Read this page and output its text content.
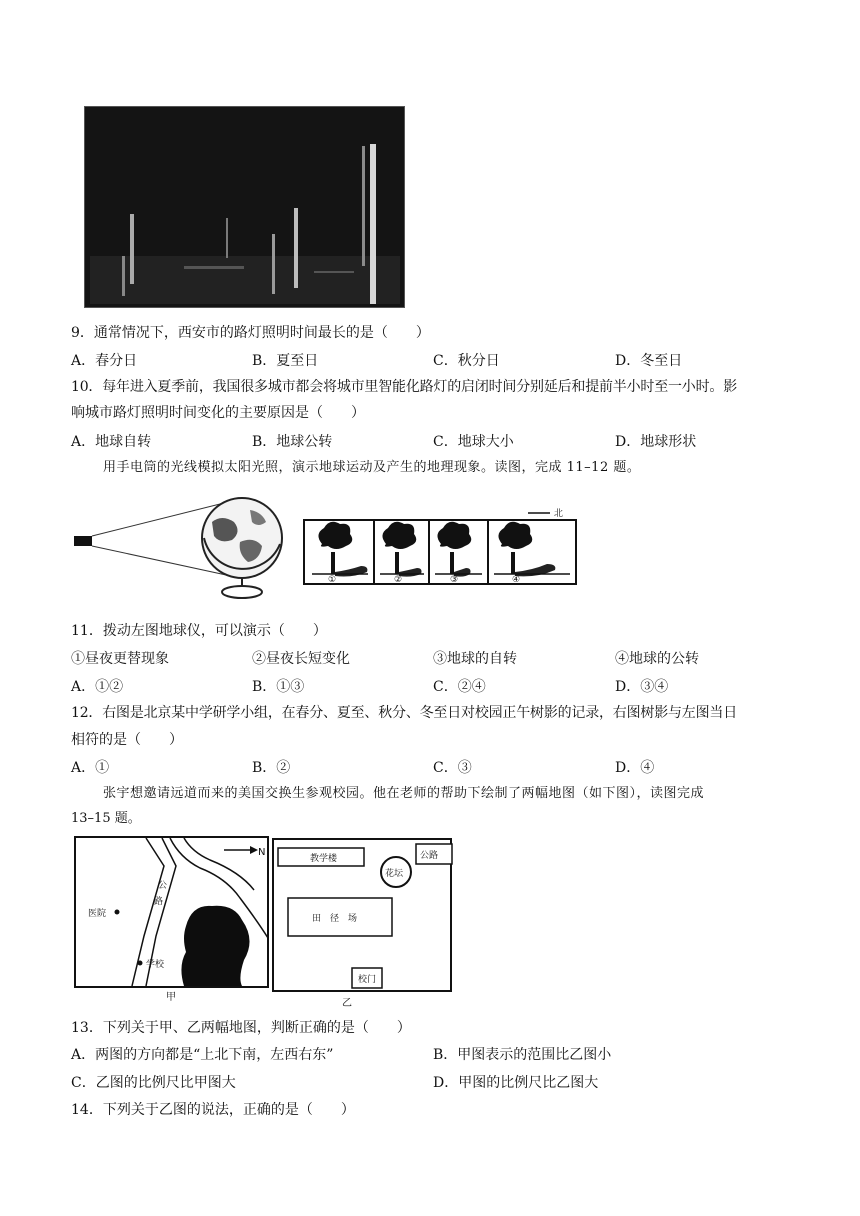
9．通常情况下，西安市的路灯照明时间最长的是（　　）
A．春分日	B．夏至日	C．秋分日	D．冬至日
10．每年进入夏季前，我国很多城市都会将城市里智能化路灯的启闭时间分别延后和提前半小时至一小时。影
响城市路灯照明时间变化的主要原因是（　　）
A．地球自转	B．地球公转	C．地球大小	D．地球形状
用手电筒的光线模拟太阳光照，演示地球运动及产生的地理现象。读图，完成 11–12 题。
北
①	②	③	④
11．拨动左图地球仪，可以演示（　　）
①昼夜更替现象	②昼夜长短变化	③地球的自转	④地球的公转
A．①②	B．①③	C．②④	D．③④
12．右图是北京某中学研学小组，在春分、夏至、秋分、冬至日对校园正午树影的记录，右图树影与左图当日
相符的是（　　）
A．①	B．②	C．③	D．④
张宇想邀请远道而来的美国交换生参观校园。他在老师的帮助下绘制了两幅地图（如下图），读图完成
13–15 题。
N
公
路
医院
学校
甲
教学楼	公路
花坛
田　径　场
校门
乙
13．下列关于甲、乙两幅地图，判断正确的是（　　）
A．两图的方向都是“上北下南，左西右东”	B．甲图表示的范围比乙图小
C．乙图的比例尺比甲图大	D．甲图的比例尺比乙图大
14．下列关于乙图的说法，正确的是（　　）
